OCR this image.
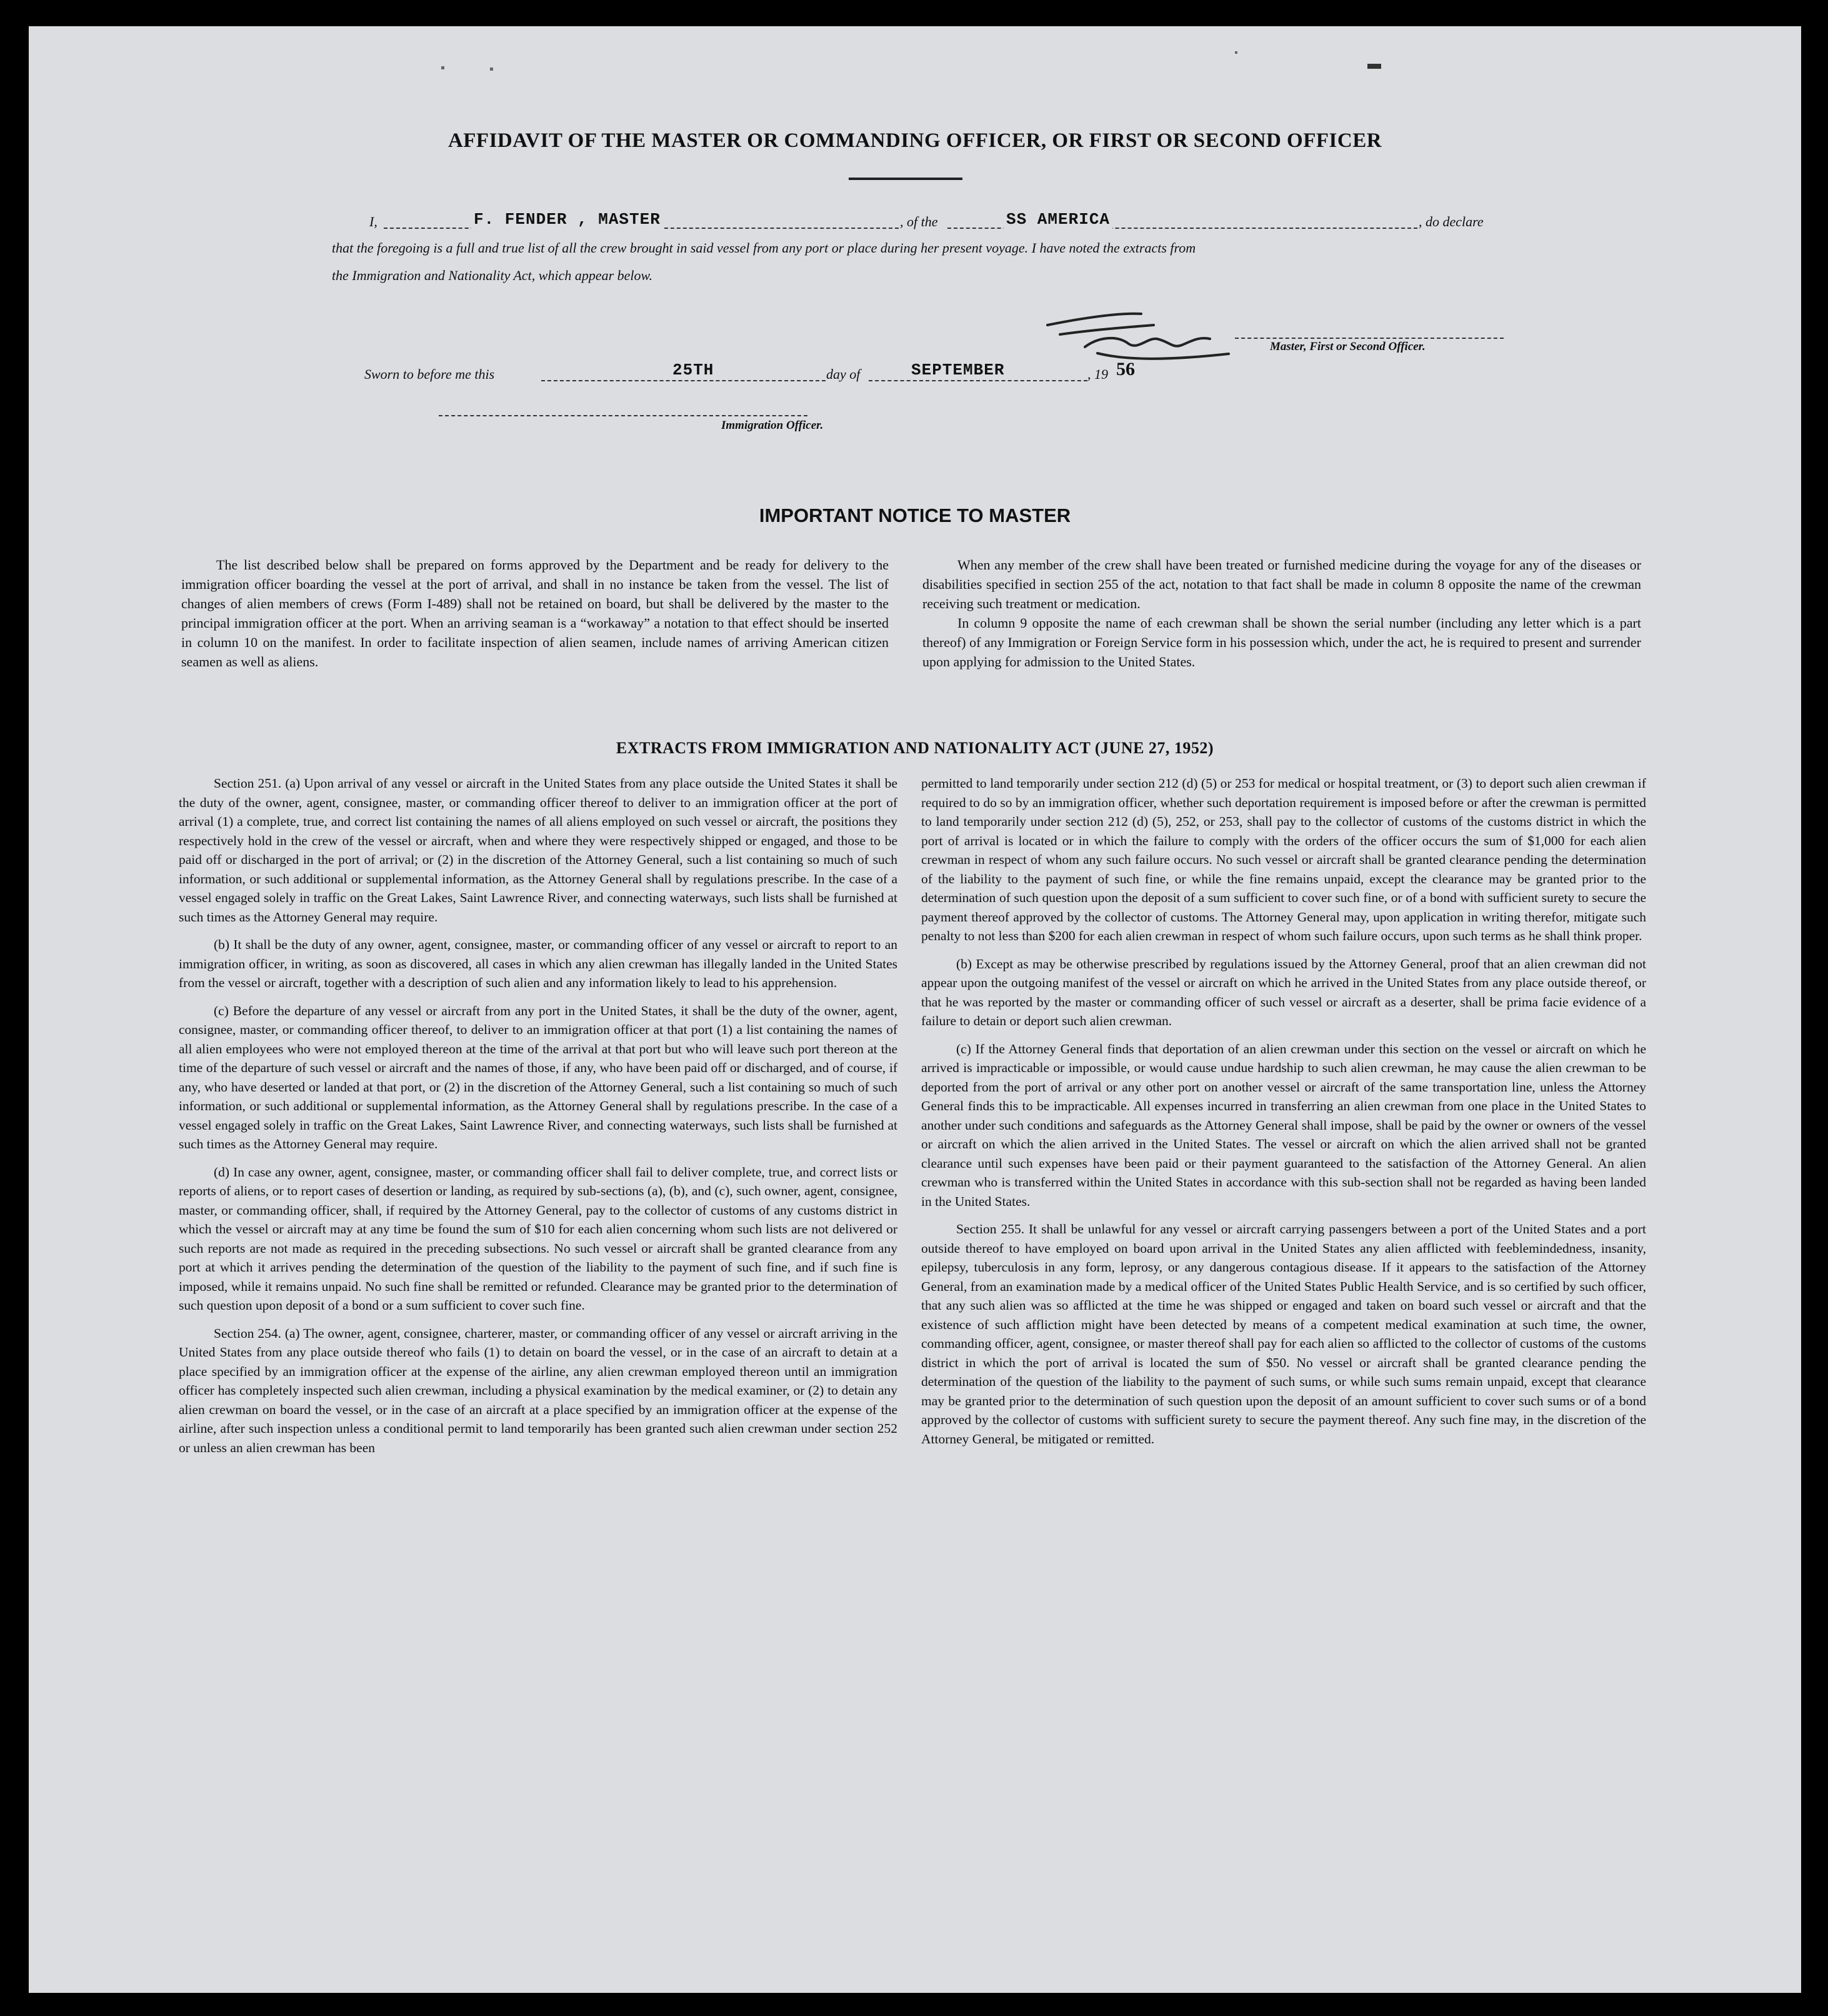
AFFIDAVIT OF THE MASTER OR COMMANDING OFFICER, OR FIRST OR SECOND OFFICER
I,	F. FENDER , MASTER	, of the	SS AMERICA	, do declare
that the foregoing is a full and true list of all the crew brought in said vessel from any port or place during her present voyage. I have noted the extracts from
the Immigration and Nationality Act, which appear below.
Master, First or Second Officer.
Sworn to before me this	25TH	day of	SEPTEMBER	, 19 56
Immigration Officer.
IMPORTANT NOTICE TO MASTER

The list described below shall be prepared on forms approved by the Department and be ready for delivery to the immigration officer boarding the vessel at the port of arrival, and shall in no instance be taken from the vessel. The list of changes of alien members of crews (Form I-489) shall not be retained on board, but shall be delivered by the master to the principal immigration officer at the port. When an arriving seaman is a “workaway” a notation to that effect should be inserted in column 10 on the manifest. In order to facilitate inspection of alien seamen, include names of arriving American citizen seamen as well as aliens.

When any member of the crew shall have been treated or furnished medicine during the voyage for any of the diseases or disabilities specified in section 255 of the act, notation to that fact shall be made in column 8 opposite the name of the crewman receiving such treatment or medication.

In column 9 opposite the name of each crewman shall be shown the serial number (including any letter which is a part thereof) of any Immigration or Foreign Service form in his possession which, under the act, he is required to present and surrender upon applying for admission to the United States.

EXTRACTS FROM IMMIGRATION AND NATIONALITY ACT (JUNE 27, 1952)

Section 251. (a) Upon arrival of any vessel or aircraft in the United States from any place outside the United States it shall be the duty of the owner, agent, consignee, master, or commanding officer thereof to deliver to an immigration officer at the port of arrival (1) a complete, true, and correct list containing the names of all aliens employed on such vessel or aircraft, the positions they respectively hold in the crew of the vessel or aircraft, when and where they were respectively shipped or engaged, and those to be paid off or discharged in the port of arrival; or (2) in the discretion of the Attorney General, such a list containing so much of such information, or such additional or supplemental information, as the Attorney General shall by regulations prescribe. In the case of a vessel engaged solely in traffic on the Great Lakes, Saint Lawrence River, and connecting waterways, such lists shall be furnished at such times as the Attorney General may require.

(b) It shall be the duty of any owner, agent, consignee, master, or commanding officer of any vessel or aircraft to report to an immigration officer, in writing, as soon as discovered, all cases in which any alien crewman has illegally landed in the United States from the vessel or aircraft, together with a description of such alien and any information likely to lead to his apprehension.

(c) Before the departure of any vessel or aircraft from any port in the United States, it shall be the duty of the owner, agent, consignee, master, or commanding officer thereof, to deliver to an immigration officer at that port (1) a list containing the names of all alien employees who were not employed thereon at the time of the arrival at that port but who will leave such port thereon at the time of the departure of such vessel or aircraft and the names of those, if any, who have been paid off or discharged, and of course, if any, who have deserted or landed at that port, or (2) in the discretion of the Attorney General, such a list containing so much of such information, or such additional or supplemental information, as the Attorney General shall by regulations prescribe. In the case of a vessel engaged solely in traffic on the Great Lakes, Saint Lawrence River, and connecting waterways, such lists shall be furnished at such times as the Attorney General may require.

(d) In case any owner, agent, consignee, master, or commanding officer shall fail to deliver complete, true, and correct lists or reports of aliens, or to report cases of desertion or landing, as required by sub-sections (a), (b), and (c), such owner, agent, consignee, master, or commanding officer, shall, if required by the Attorney General, pay to the collector of customs of any customs district in which the vessel or aircraft may at any time be found the sum of $10 for each alien concerning whom such lists are not delivered or such reports are not made as required in the preceding subsections. No such vessel or aircraft shall be granted clearance from any port at which it arrives pending the determination of the question of the liability to the payment of such fine, and if such fine is imposed, while it remains unpaid. No such fine shall be remitted or refunded. Clearance may be granted prior to the determination of such question upon deposit of a bond or a sum sufficient to cover such fine.

Section 254. (a) The owner, agent, consignee, charterer, master, or commanding officer of any vessel or aircraft arriving in the United States from any place outside thereof who fails (1) to detain on board the vessel, or in the case of an aircraft to detain at a place specified by an immigration officer at the expense of the airline, any alien crewman employed thereon until an immigration officer has completely inspected such alien crewman, including a physical examination by the medical examiner, or (2) to detain any alien crewman on board the vessel, or in the case of an aircraft at a place specified by an immigration officer at the expense of the airline, after such inspection unless a conditional permit to land temporarily has been granted such alien crewman under section 252 or unless an alien crewman has been

permitted to land temporarily under section 212 (d) (5) or 253 for medical or hospital treatment, or (3) to deport such alien crewman if required to do so by an immigration officer, whether such deportation requirement is imposed before or after the crewman is permitted to land temporarily under section 212 (d) (5), 252, or 253, shall pay to the collector of customs of the customs district in which the port of arrival is located or in which the failure to comply with the orders of the officer occurs the sum of $1,000 for each alien crewman in respect of whom any such failure occurs. No such vessel or aircraft shall be granted clearance pending the determination of the liability to the payment of such fine, or while the fine remains unpaid, except the clearance may be granted prior to the determination of such question upon the deposit of a sum sufficient to cover such fine, or of a bond with sufficient surety to secure the payment thereof approved by the collector of customs. The Attorney General may, upon application in writing therefor, mitigate such penalty to not less than $200 for each alien crewman in respect of whom such failure occurs, upon such terms as he shall think proper.

(b) Except as may be otherwise prescribed by regulations issued by the Attorney General, proof that an alien crewman did not appear upon the outgoing manifest of the vessel or aircraft on which he arrived in the United States from any place outside thereof, or that he was reported by the master or commanding officer of such vessel or aircraft as a deserter, shall be prima facie evidence of a failure to detain or deport such alien crewman.

(c) If the Attorney General finds that deportation of an alien crewman under this section on the vessel or aircraft on which he arrived is impracticable or impossible, or would cause undue hardship to such alien crewman, he may cause the alien crewman to be deported from the port of arrival or any other port on another vessel or aircraft of the same transportation line, unless the Attorney General finds this to be impracticable. All expenses incurred in transferring an alien crewman from one place in the United States to another under such conditions and safeguards as the Attorney General shall impose, shall be paid by the owner or owners of the vessel or aircraft on which the alien arrived in the United States. The vessel or aircraft on which the alien arrived shall not be granted clearance until such expenses have been paid or their payment guaranteed to the satisfaction of the Attorney General. An alien crewman who is transferred within the United States in accordance with this sub-section shall not be regarded as having been landed in the United States.

Section 255. It shall be unlawful for any vessel or aircraft carrying passengers between a port of the United States and a port outside thereof to have employed on board upon arrival in the United States any alien afflicted with feeblemindedness, insanity, epilepsy, tuberculosis in any form, leprosy, or any dangerous contagious disease. If it appears to the satisfaction of the Attorney General, from an examination made by a medical officer of the United States Public Health Service, and is so certified by such officer, that any such alien was so afflicted at the time he was shipped or engaged and taken on board such vessel or aircraft and that the existence of such affliction might have been detected by means of a competent medical examination at such time, the owner, commanding officer, agent, consignee, or master thereof shall pay for each alien so afflicted to the collector of customs of the customs district in which the port of arrival is located the sum of $50. No vessel or aircraft shall be granted clearance pending the determination of the question of the liability to the payment of such sums, or while such sums remain unpaid, except that clearance may be granted prior to the determination of such question upon the deposit of an amount sufficient to cover such sums or of a bond approved by the collector of customs with sufficient surety to secure the payment thereof. Any such fine may, in the discretion of the Attorney General, be mitigated or remitted.
